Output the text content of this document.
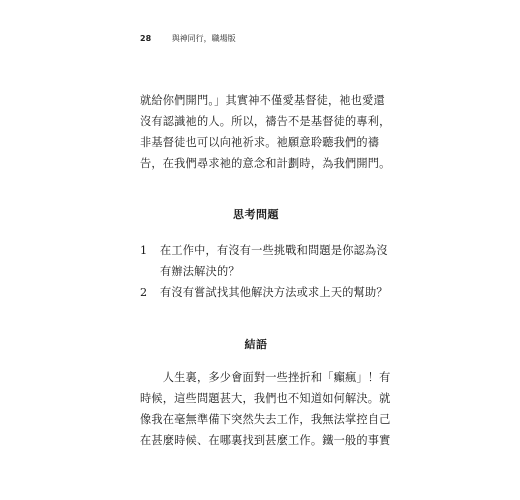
28	與神同行，職場版
就給你們開門。」其實神不僅愛基督徒，祂也愛還
沒有認識祂的人。所以，禱告不是基督徒的專利，
非基督徒也可以向祂祈求。祂願意聆聽我們的禱
告，在我們尋求祂的意念和計劃時，為我們開門。
思考問題
1	在工作中，有沒有一些挑戰和問題是你認為沒
有辦法解決的？
2	有沒有嘗試找其他解決方法或求上天的幫助？
結語
　　人生裏，多少會面對一些挫折和「癲瘋」！有
時候，這些問題甚大，我們也不知道如何解決。就
像我在毫無準備下突然失去工作，我無法掌控自己
在甚麼時候、在哪裏找到甚麼工作。鐵一般的事實
